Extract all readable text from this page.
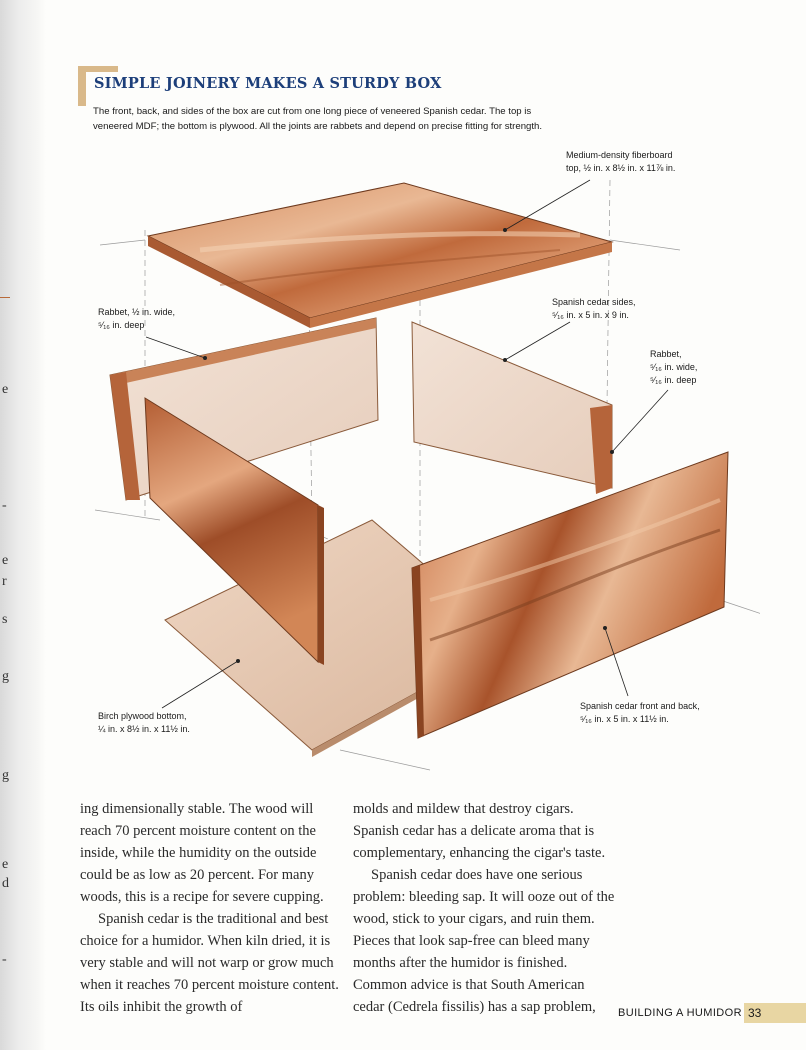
e
-
e
r
s
g
g
e
d
-
SIMPLE JOINERY MAKES A STURDY BOX
The front, back, and sides of the box are cut from one long piece of veneered Spanish cedar. The top is veneered MDF; the bottom is plywood. All the joints are rabbets and depend on precise fitting for strength.
Medium-density fiberboard
top, ½ in. x 8½ in. x 11⅞ in.
Rabbet, ½ in. wide,
⁵⁄₁₆ in. deep
Spanish cedar sides,
⁵⁄₁₆ in. x 5 in. x 9 in.
Rabbet,
⁵⁄₁₆ in. wide,
⁵⁄₁₆ in. deep
Spanish cedar front and back,
⁵⁄₁₆ in. x 5 in. x 11½ in.
Birch plywood bottom,
¼ in. x 8½ in. x 11½ in.

ing dimensionally stable. The wood will reach 70 percent moisture content on the inside, while the humidity on the outside could be as low as 20 percent. For many woods, this is a recipe for severe cupping.

Spanish cedar is the traditional and best choice for a humidor. When kiln dried, it is very stable and will not warp or grow much when it reaches 70 percent moisture content. Its oils inhibit the growth of

molds and mildew that destroy cigars. Spanish cedar has a delicate aroma that is complementary, enhancing the cigar's taste.

Spanish cedar does have one serious problem: bleeding sap. It will ooze out of the wood, stick to your cigars, and ruin them. Pieces that look sap-free can bleed many months after the humidor is finished. Common advice is that South American cedar (Cedrela fissilis) has a sap problem,	BUILDING A HUMIDOR 33
